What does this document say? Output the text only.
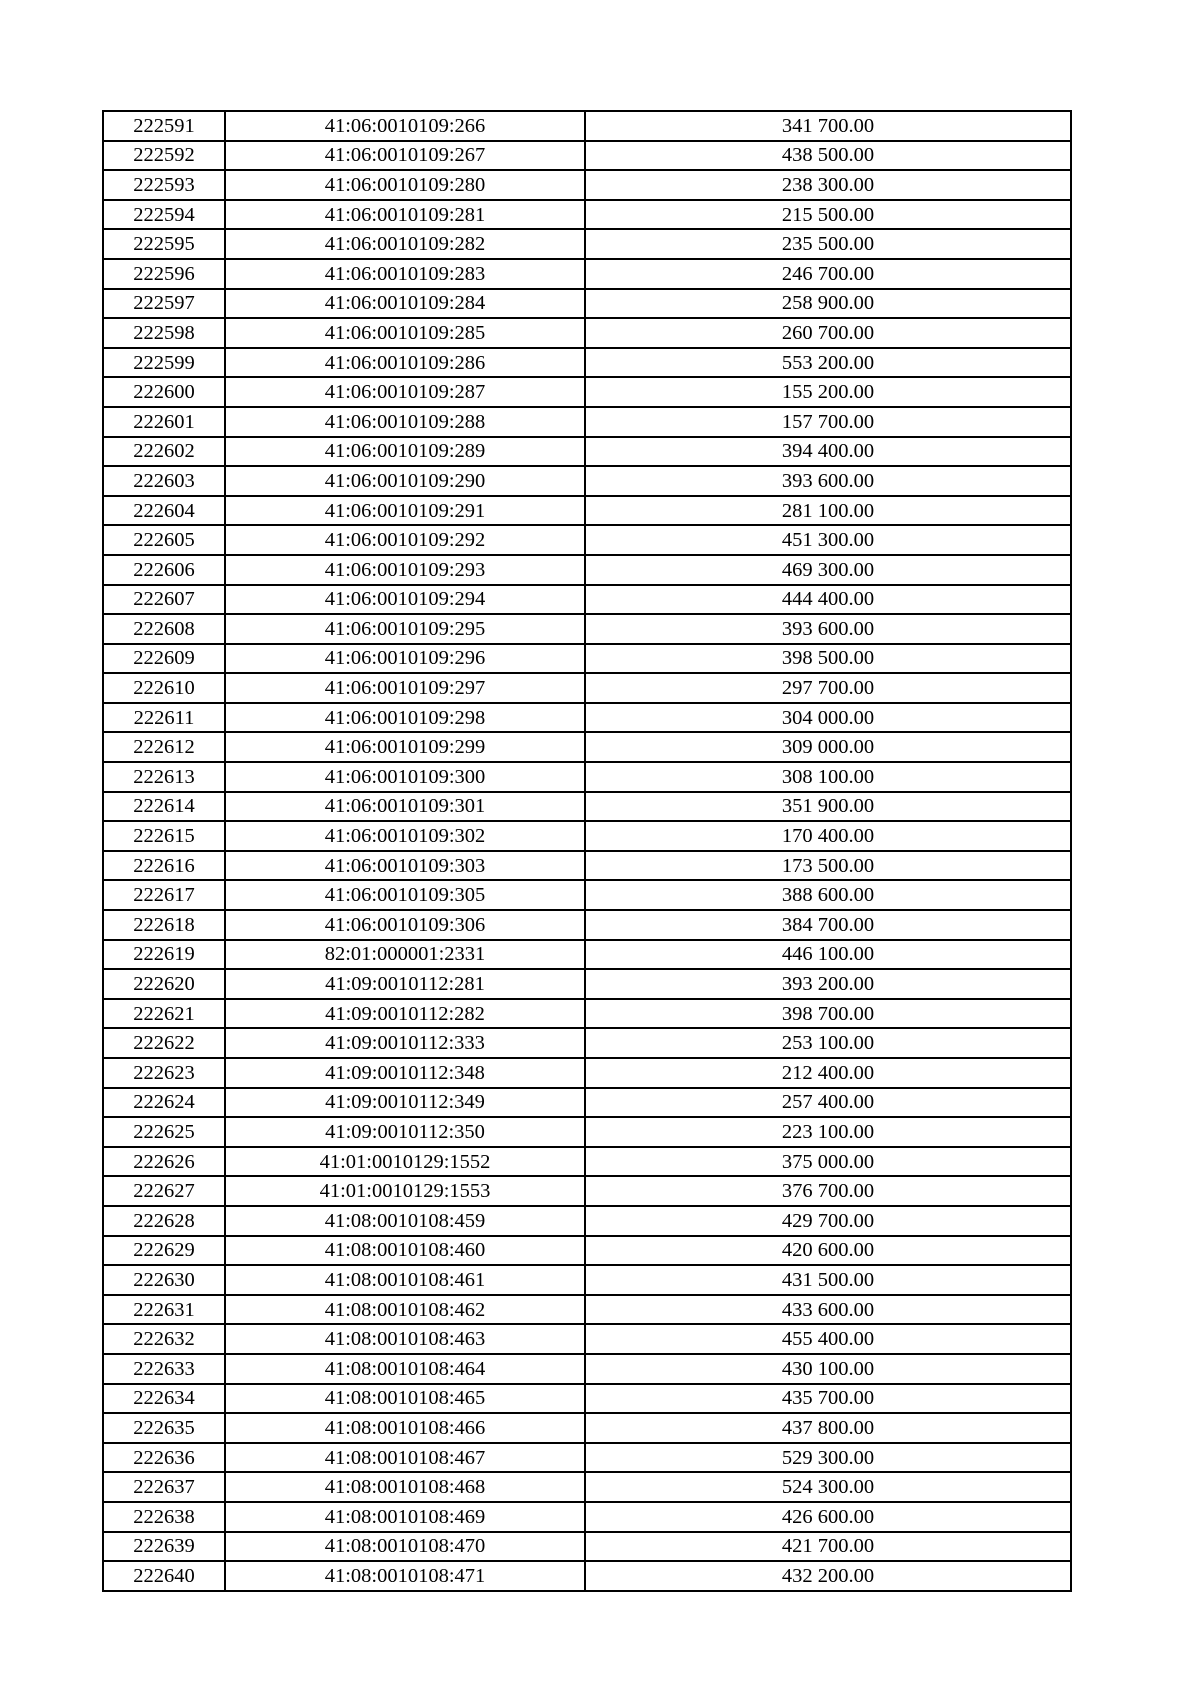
222591	41:06:0010109:266	341 700.00
222592	41:06:0010109:267	438 500.00
222593	41:06:0010109:280	238 300.00
222594	41:06:0010109:281	215 500.00
222595	41:06:0010109:282	235 500.00
222596	41:06:0010109:283	246 700.00
222597	41:06:0010109:284	258 900.00
222598	41:06:0010109:285	260 700.00
222599	41:06:0010109:286	553 200.00
222600	41:06:0010109:287	155 200.00
222601	41:06:0010109:288	157 700.00
222602	41:06:0010109:289	394 400.00
222603	41:06:0010109:290	393 600.00
222604	41:06:0010109:291	281 100.00
222605	41:06:0010109:292	451 300.00
222606	41:06:0010109:293	469 300.00
222607	41:06:0010109:294	444 400.00
222608	41:06:0010109:295	393 600.00
222609	41:06:0010109:296	398 500.00
222610	41:06:0010109:297	297 700.00
222611	41:06:0010109:298	304 000.00
222612	41:06:0010109:299	309 000.00
222613	41:06:0010109:300	308 100.00
222614	41:06:0010109:301	351 900.00
222615	41:06:0010109:302	170 400.00
222616	41:06:0010109:303	173 500.00
222617	41:06:0010109:305	388 600.00
222618	41:06:0010109:306	384 700.00
222619	82:01:000001:2331	446 100.00
222620	41:09:0010112:281	393 200.00
222621	41:09:0010112:282	398 700.00
222622	41:09:0010112:333	253 100.00
222623	41:09:0010112:348	212 400.00
222624	41:09:0010112:349	257 400.00
222625	41:09:0010112:350	223 100.00
222626	41:01:0010129:1552	375 000.00
222627	41:01:0010129:1553	376 700.00
222628	41:08:0010108:459	429 700.00
222629	41:08:0010108:460	420 600.00
222630	41:08:0010108:461	431 500.00
222631	41:08:0010108:462	433 600.00
222632	41:08:0010108:463	455 400.00
222633	41:08:0010108:464	430 100.00
222634	41:08:0010108:465	435 700.00
222635	41:08:0010108:466	437 800.00
222636	41:08:0010108:467	529 300.00
222637	41:08:0010108:468	524 300.00
222638	41:08:0010108:469	426 600.00
222639	41:08:0010108:470	421 700.00
222640	41:08:0010108:471	432 200.00
